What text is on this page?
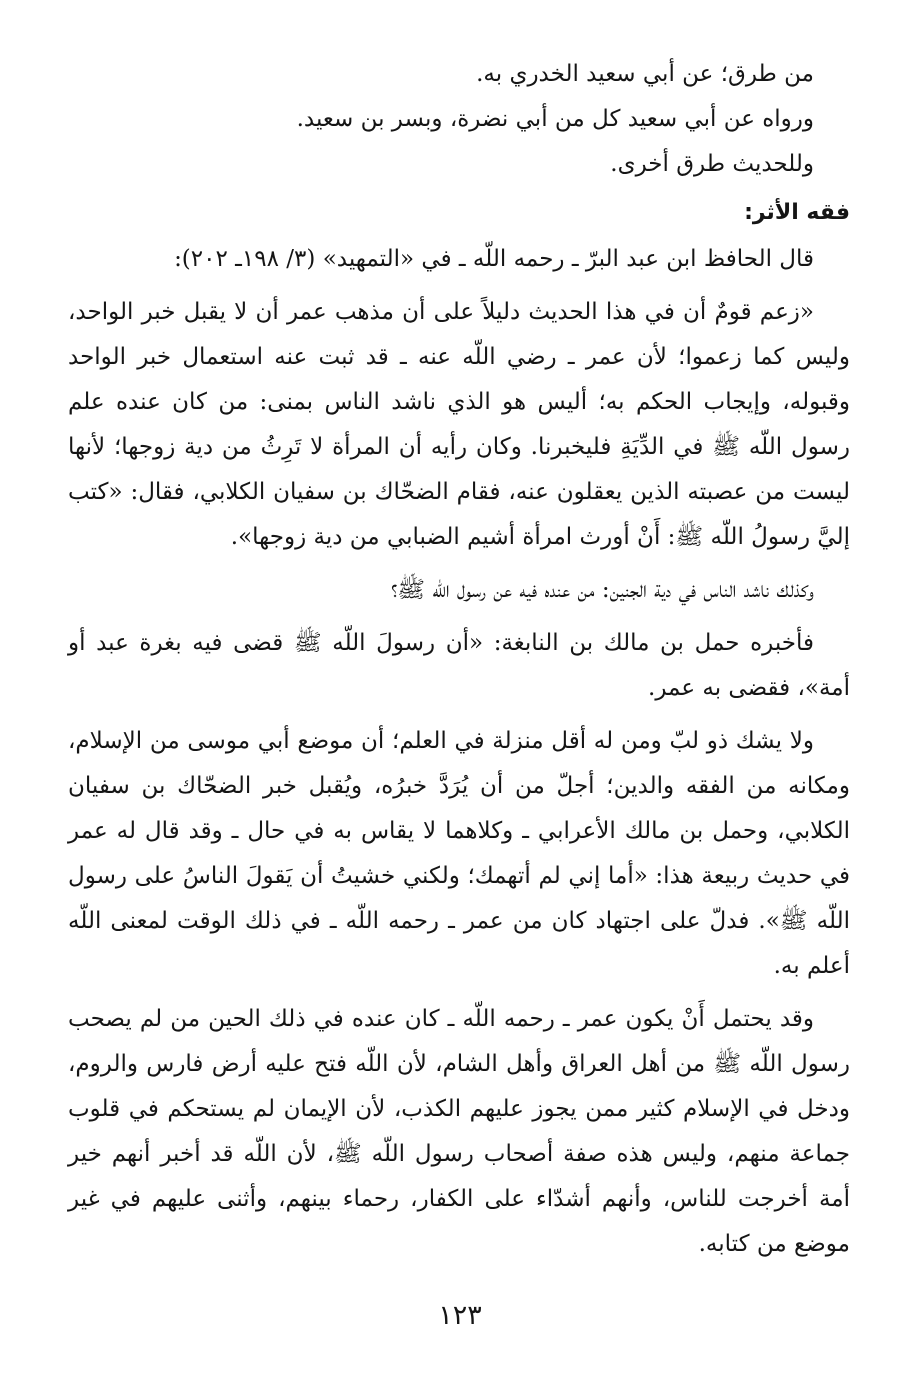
من طرق؛ عن أبي سعيد الخدري به.
ورواه عن أبي سعيد كل من أبي نضرة، وبسر بن سعيد.
وللحديث طرق أخرى.
فقه الأثر:

قال الحافظ ابن عبد البرّ ـ رحمه اللّه ـ في «التمهيد» (٣/ ١٩٨ـ ٢٠٢):

«زعم قومٌ أن في هذا الحديث دليلاً على أن مذهب عمر أن لا يقبل خبر الواحد، وليس كما زعموا؛ لأن عمر ـ رضي اللّه عنه ـ قد ثبت عنه استعمال خبر الواحد وقبوله، وإيجاب الحكم به؛ أليس هو الذي ناشد الناس بمنى: من كان عنده علم رسول اللّه ﷺ في الدِّيَةِ فليخبرنا. وكان رأيه أن المرأة لا تَرِثُ من دية زوجها؛ لأنها ليست من عصبته الذين يعقلون عنه، فقام الضحّاك بن سفيان الكلابي، فقال: «كتب إليَّ رسولُ اللّه ﷺ: أَنْ أورث امرأة أشيم الضبابي من دية زوجها».

وكذلك ناشد الناس في دية الجنين: من عنده فيه عن رسول اللّه ﷺ؟

فأخبره حمل بن مالك بن النابغة: «أن رسولَ اللّه ﷺ قضى فيه بغرة عبد أو أمة»، فقضى به عمر.

ولا يشك ذو لبّ ومن له أقل منزلة في العلم؛ أن موضع أبي موسى من الإسلام، ومكانه من الفقه والدين؛ أجلّ من أن يُرَدَّ خبرُه، ويُقبل خبر الضحّاك بن سفيان الكلابي، وحمل بن مالك الأعرابي ـ وكلاهما لا يقاس به في حال ـ وقد قال له عمر في حديث ربيعة هذا: «أما إني لم أتهمك؛ ولكني خشيتُ أن يَقولَ الناسُ على رسول اللّه ﷺ». فدلّ على اجتهاد كان من عمر ـ رحمه اللّه ـ في ذلك الوقت لمعنى اللّه أعلم به.

وقد يحتمل أَنْ يكون عمر ـ رحمه اللّه ـ كان عنده في ذلك الحين من لم يصحب رسول اللّه ﷺ من أهل العراق وأهل الشام، لأن اللّه فتح عليه أرض فارس والروم، ودخل في الإسلام كثير ممن يجوز عليهم الكذب، لأن الإيمان لم يستحكم في قلوب جماعة منهم، وليس هذه صفة أصحاب رسول اللّه ﷺ، لأن اللّه قد أخبر أنهم خير أمة أخرجت للناس، وأنهم أشدّاء على الكفار، رحماء بينهم، وأثنى عليهم في غير موضع من كتابه.

١٢٣
